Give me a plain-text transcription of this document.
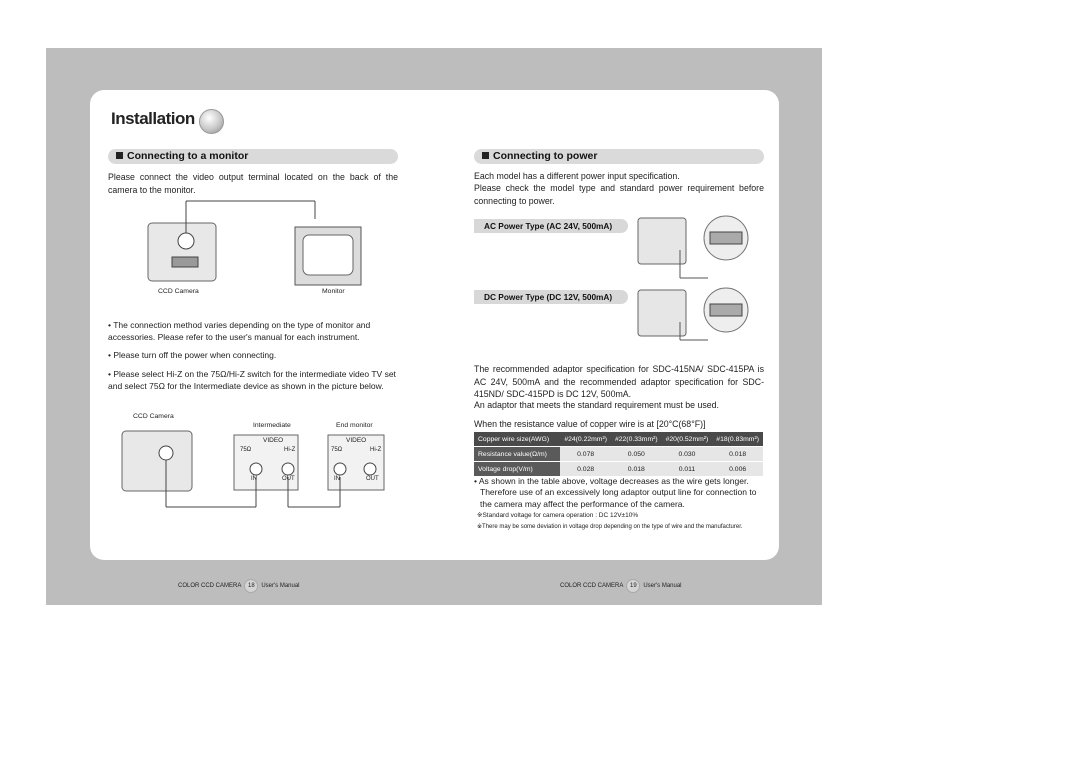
Installation
Connecting to a monitor
Please connect the video output terminal located on the back of the camera to the monitor.
CCD Camera	Monitor
• The connection method varies depending on the type of monitor and accessories. Please refer to the user's manual for each instrument.
• Please turn off the power when connecting.
• Please select Hi-Z on the 75Ω/Hi-Z switch for the intermediate video TV set and select 75Ω for the Intermediate device as shown in the picture below.
CCD Camera
Intermediate	End monitor
VIDEO	VIDEO
75Ω	Hi-Z	75Ω	Hi-Z
IN	OUT	IN	OUT
COLOR CCD CAMERA 18 User's Manual
Connecting to power
Each model has a different power input specification.
Please check the model type and standard power requirement before connecting to power.
AC Power Type (AC 24V, 500mA)
DC Power Type (DC 12V, 500mA)
The recommended adaptor specification for SDC-415NA/ SDC-415PA is AC 24V, 500mA and the recommended adaptor specification for SDC-415ND/ SDC-415PD is DC 12V, 500mA.
An adaptor that meets the standard requirement must be used.
When the resistance value of copper wire is at [20°C(68°F)]
Copper wire size(AWG)	#24(0.22mm²)	#22(0.33mm²)	#20(0.52mm²)	#18(0.83mm²)
Resistance value(Ω/m)	0.078	0.050	0.030	0.018
Voltage drop(V/m)	0.028	0.018	0.011	0.006
• As shown in the table above, voltage decreases as the wire gets longer.
Therefore use of an excessively long adaptor output line for connection to the camera may affect the performance of the camera.
※Standard voltage for camera operation : DC 12V±10%
※There may be some deviation in voltage drop depending on the type of wire and the manufacturer.
COLOR CCD CAMERA 19 User's Manual
